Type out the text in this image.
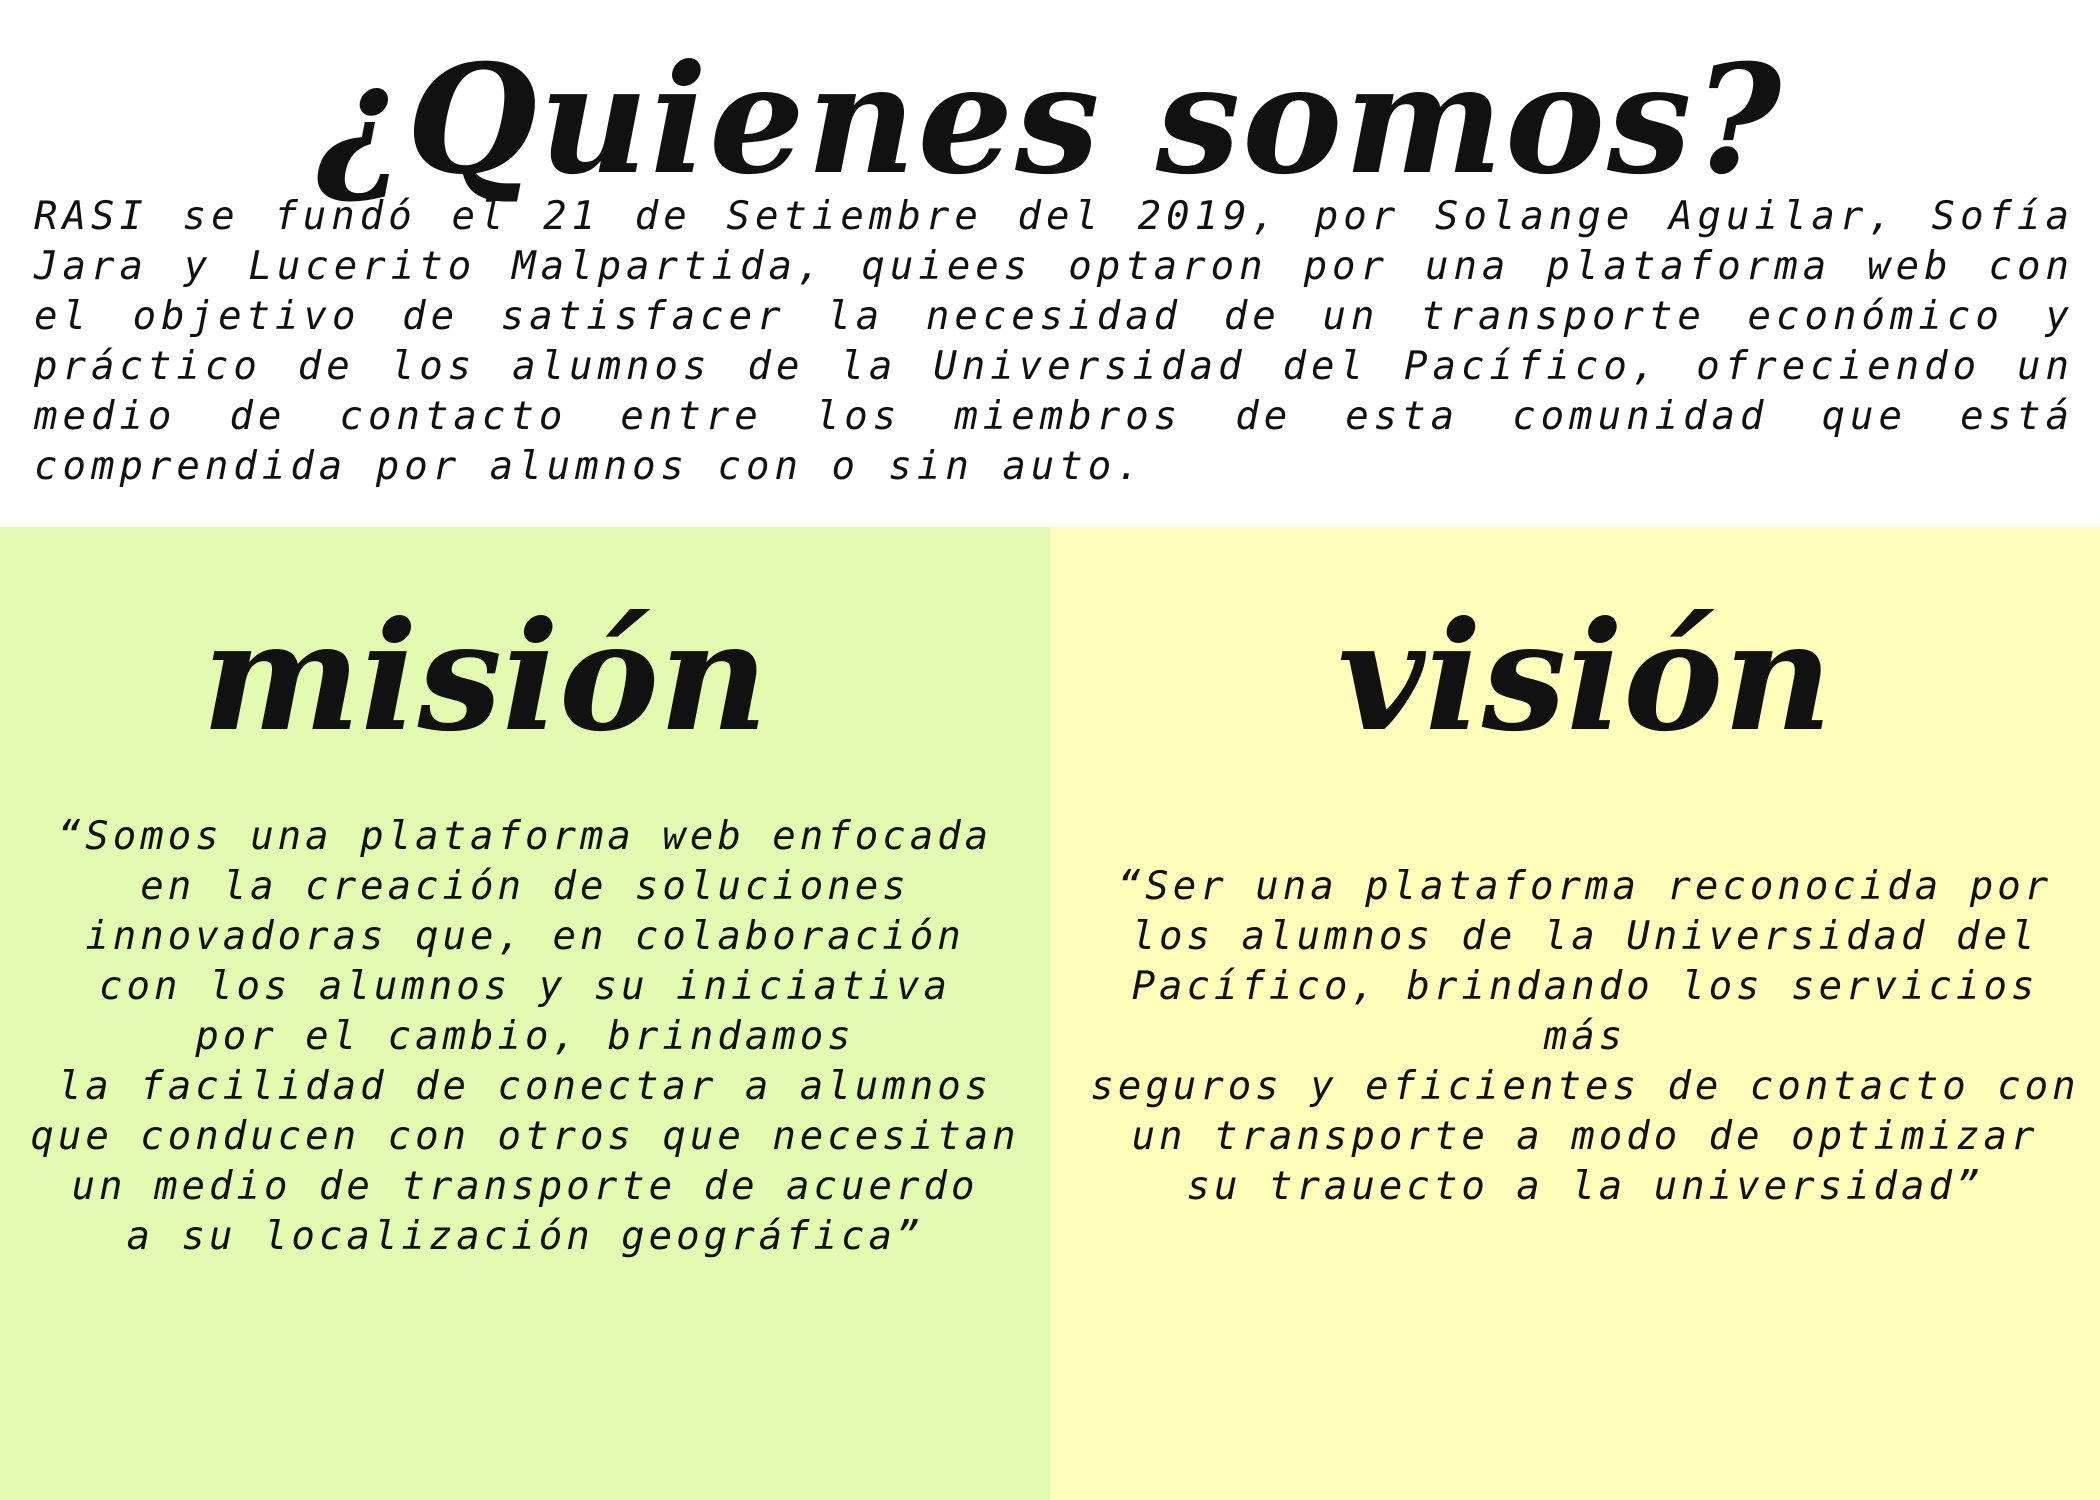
¿Quienes somos?

RASI se fundó el 21 de Setiembre del 2019, por Solange Aguilar, Sofía Jara y Lucerito Malpartida, quiees optaron por una plataforma web con el objetivo de satisfacer la necesidad de un transporte económico y práctico de los alumnos de la Universidad del Pacífico, ofreciendo un medio de contacto entre los miembros de esta comunidad que está comprendida por alumnos con o sin auto.

misión

“Somos una plataforma web enfocada
en la creación de soluciones
innovadoras que, en colaboración
con los alumnos y su iniciativa
por el cambio, brindamos
la facilidad de conectar a alumnos
que conducen con otros que necesitan
un medio de transporte de acuerdo
a su localización geográfica”

visión

“Ser una plataforma reconocida por
los alumnos de la Universidad del
Pacífico, brindando los servicios más
seguros y eficientes de contacto con
un transporte a modo de optimizar
su trauecto a la universidad”
